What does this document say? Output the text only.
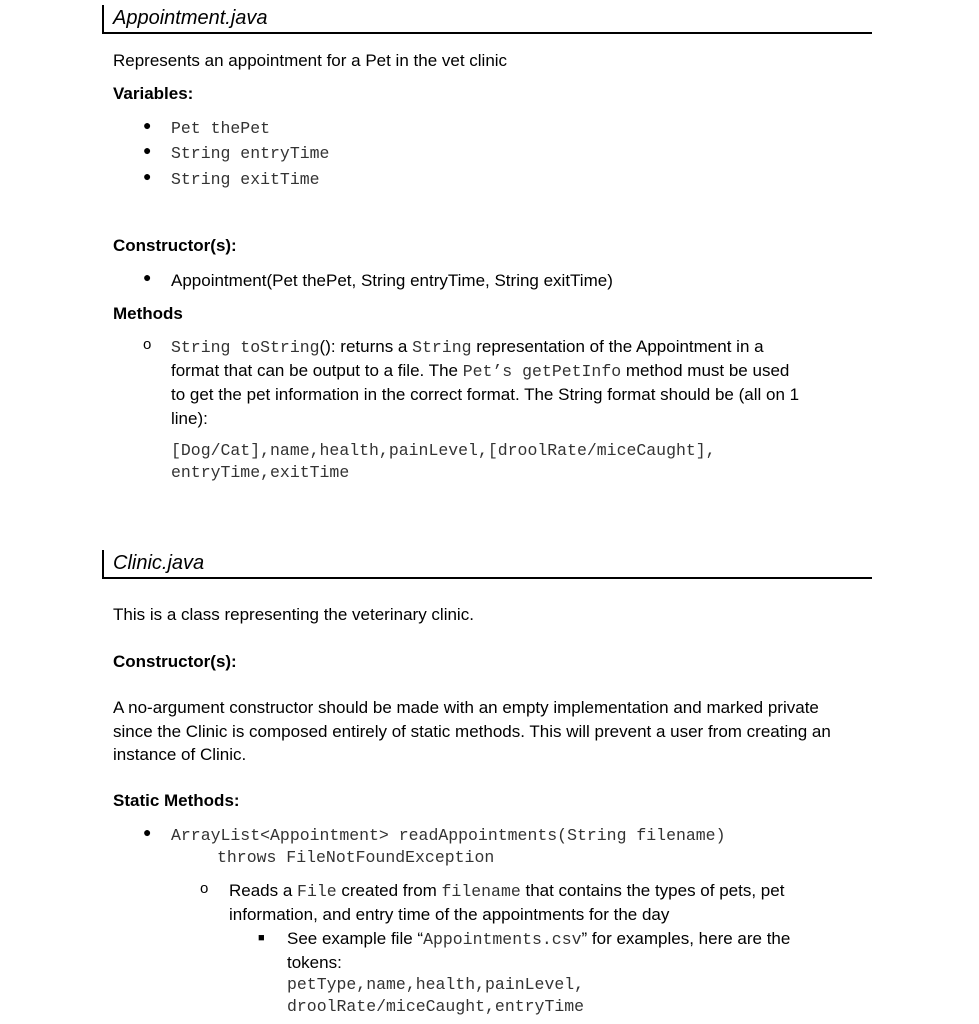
Appointment.java
Represents an appointment for a Pet in the vet clinic
Variables:
● Pet thePet
● String entryTime
● String exitTime
Constructor(s):
● Appointment(Pet thePet, String entryTime, String exitTime)
Methods
o String toString(): returns a String representation of the Appointment in a
format that can be output to a file. The Pet’s getPetInfo method must be used
to get the pet information in the correct format. The String format should be (all on 1
line):
[Dog/Cat],name,health,painLevel,[droolRate/miceCaught],
entryTime,exitTime
Clinic.java
This is a class representing the veterinary clinic.
Constructor(s):
A no-argument constructor should be made with an empty implementation and marked private
since the Clinic is composed entirely of static methods. This will prevent a user from creating an
instance of Clinic.
Static Methods:
● ArrayList<Appointment> readAppointments(String filename)
throws FileNotFoundException
o Reads a File created from filename that contains the types of pets, pet
information, and entry time of the appointments for the day
■ See example file “Appointments.csv” for examples, here are the
tokens:
petType,name,health,painLevel,
droolRate/miceCaught,entryTime
